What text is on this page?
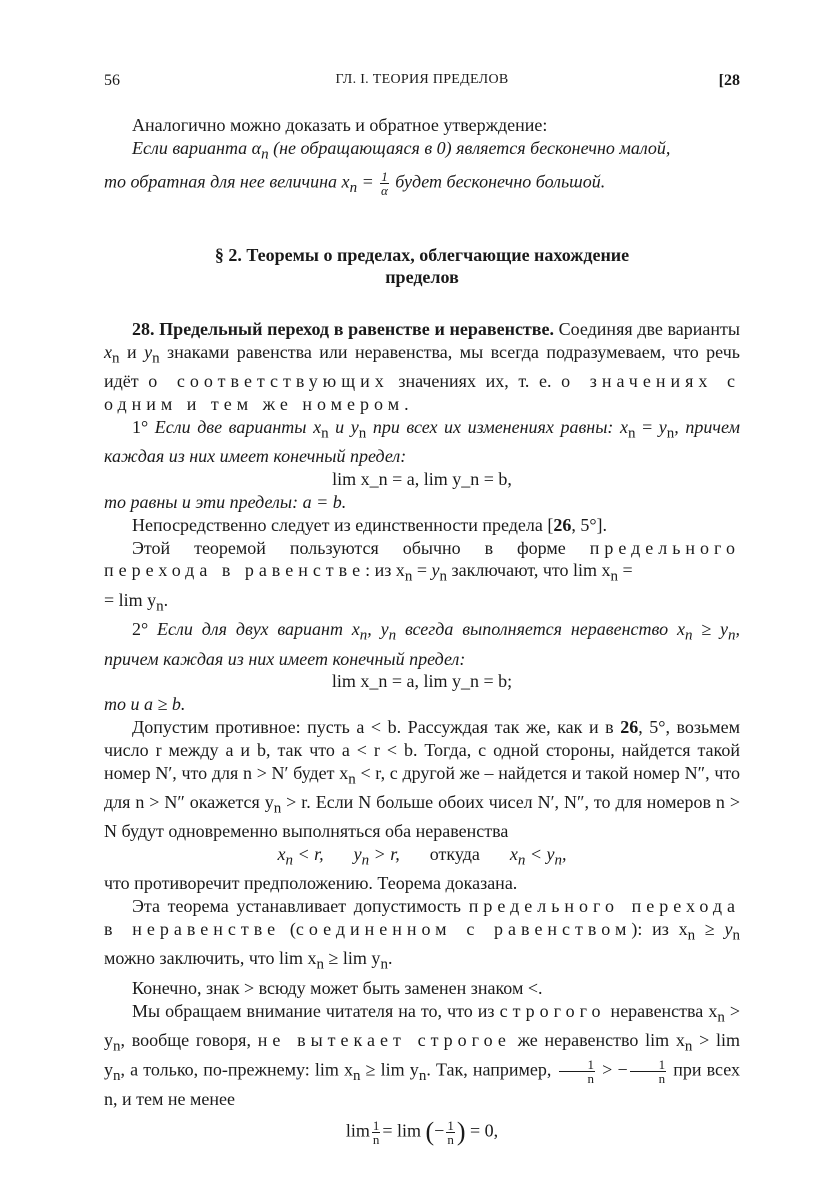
56	ГЛ. I. ТЕОРИЯ ПРЕДЕЛОВ	[28

Аналогично можно доказать и обратное утверждение:

Если варианта $\alpha_n$ (не обращающаяся в 0) является бесконечно малой,

то обратная для нее величина $x_n = \frac{1}{\alpha}$ будет бесконечно большой.

§ 2. Теоремы о пределах, облегчающие нахождение

пределов

28. Предельный переход в равенстве и неравенстве. Соединяя две варианты $x_n$ и $y_n$ знаками равенства или неравенства, мы всегда подразумеваем, что речь идёт о соответствующих значениях их, т. е. о значениях с одним и тем же номером.

1° Если две варианты $x_n$ и $y_n$ при всех их изменениях равны: $x_n = y_n$, причем каждая из них имеет конечный предел:

lim x_n = a, lim y_n = b,

то равны и эти пределы: a = b.

Непосредственно следует из единственности предела [26, 5°].

Этой теоремой пользуются обычно в форме предельного перехода в равенстве: из $x_n = y_n$ заключают, что $\lim x_n$ =

= $\lim y_n$.

2° Если для двух вариант $x_n$, $y_n$ всегда выполняется неравенство $x_n \ge y_n$, причем каждая из них имеет конечный предел:

lim x_n = a, lim y_n = b;

то и a ≥ b.

Допустим противное: пусть a < b. Рассуждая так же, как и в 26, 5°, возьмем число r между a и b, так что a < r < b. Тогда, с одной стороны, найдется такой номер N′, что для n > N′ будет $x_n < r$, с другой же – найдется и такой номер N″, что для n > N″ окажется $y_n > r$. Если N больше обоих чисел N′, N″, то для номеров n > N будут одновременно выполняться оба неравенства

$x_n < r$, $y_n > r$, откуда $x_n < y_n$,

что противоречит предположению. Теорема доказана.

Эта теорема устанавливает допустимость предельного перехода в неравенстве (соединенном с равенством): из $x_n \ge y_n$ можно заключить, что $\lim x_n \ge \lim y_n$.

Конечно, знак > всюду может быть заменен знаком <.

Мы обращаем внимание читателя на то, что из строгого неравенства $x_n > y_n$, вообще говоря, не вытекает строгое же неравенство $\lim x_n > \lim y_n$, а только, по-прежнему: $\lim x_n \ge \lim y_n$. Так, например, $\frac{1}{n}$ > − $\frac{1}{n}$ при всех n, и тем не менее

$\lim \frac{1}{n} = \lim$ (− $\frac{1}{n}$ ) = 0,
